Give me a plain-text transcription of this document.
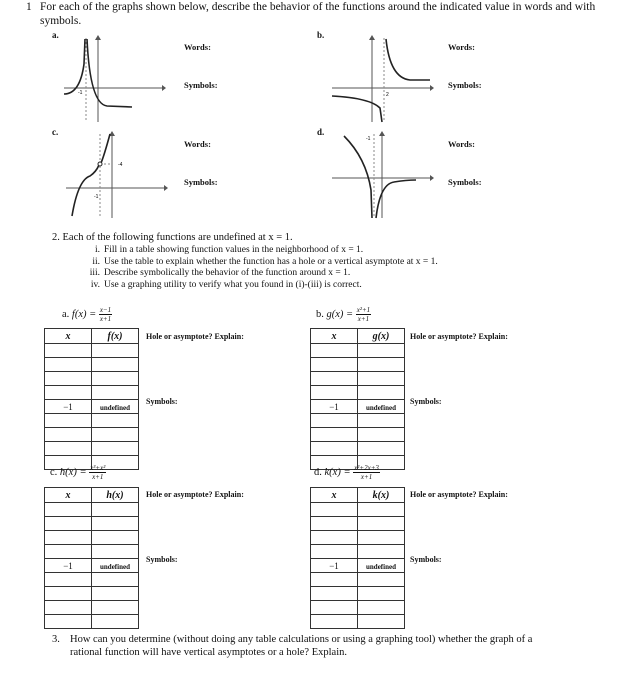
1 For each of the graphs shown below, describe the behavior of the functions around the indicated value in words and with symbols.
a.
-1
Words:
Symbols:
b.
2
Words:
Symbols:
c.
-4
-1
Words:
Symbols:
d.
-1	Words:
Symbols:
2. Each of the following functions are undefined at x = 1.
i. Fill in a table showing function values in the neighborhood of x = 1.
ii. Use the table to explain whether the function has a hole or a vertical asymptote at x = 1.
iii. Describe symbolically the behavior of the function around x = 1.
iv. Use a graphing utility to verify what you found in (i)-(iii) is correct.
a. $f(x) = \frac{x-1}{x+1}$
x	f(x)

−1	undefined

Hole or asymptote? Explain:
Symbols:
b. $g(x) = \frac{\text{x²+1}}{x+1}$
x	g(x)

−1	undefined

Hole or asymptote? Explain:
Symbols:
c. $h(x) = \frac{\text{x³+x²}}{x+1}$
x	h(x)

−1	undefined

Hole or asymptote? Explain:
Symbols:
d. $k(x) = \frac{\text{x²+2x+3}}{x+1}$
x	k(x)

−1	undefined

Hole or asymptote? Explain:
Symbols:
3. How can you determine (without doing any table calculations or using a graphing tool) whether the graph of a rational function will have vertical asymptotes or a hole? Explain.
